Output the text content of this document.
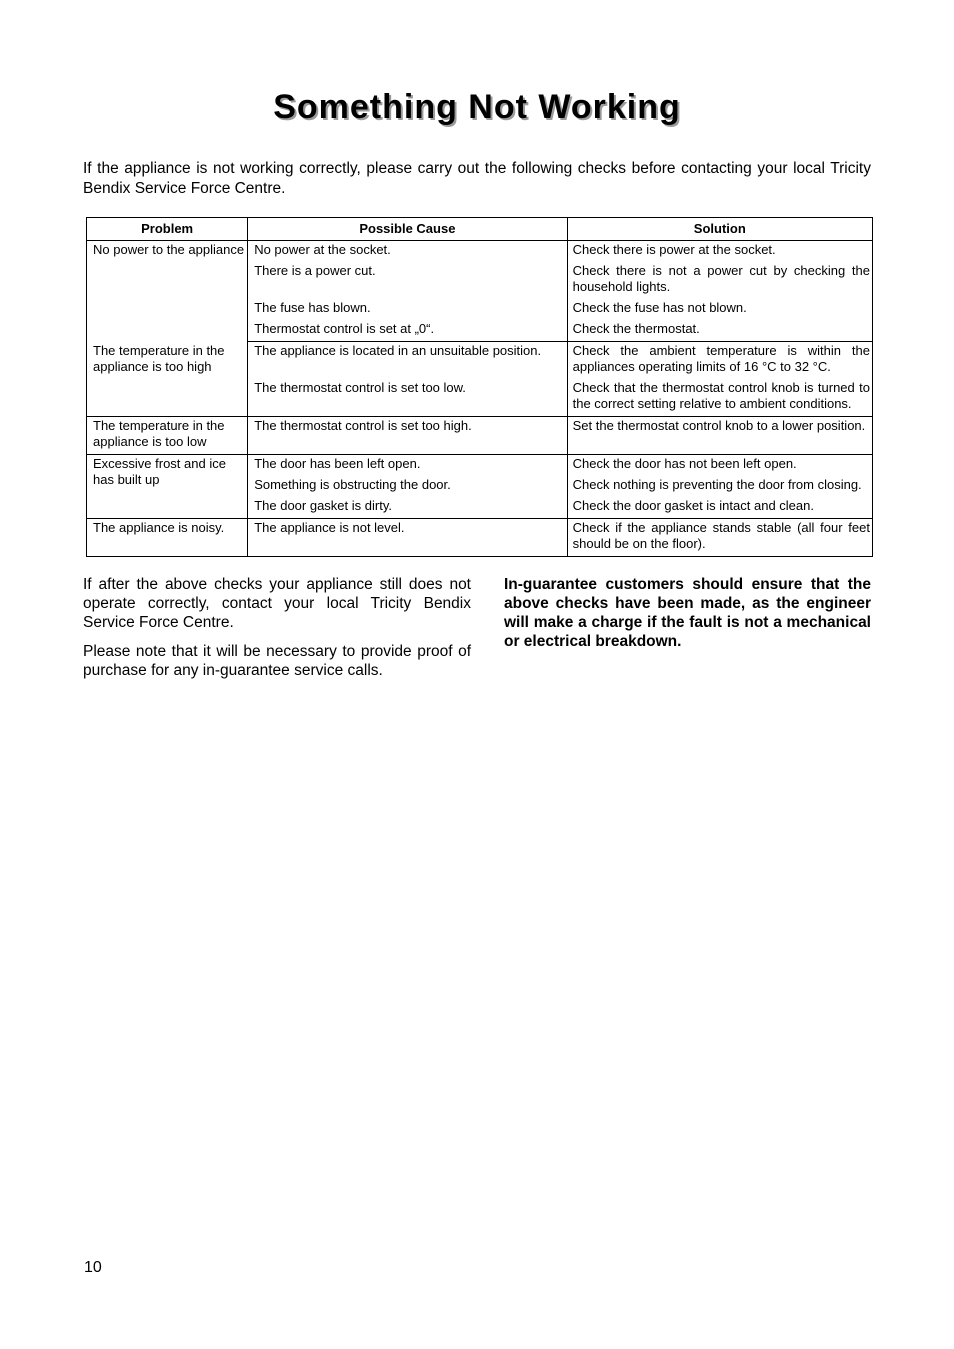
Something Not Working

If the appliance is not working correctly, please carry out the following checks before contacting your local Tricity Bendix Service Force Centre.

Problem	Possible Cause	Solution

No power to the appliance	No power at the socket.	Check there is power at the socket.

	There is a power cut.	Check there is not a power cut by checking the household lights.

	The fuse has blown.	Check the fuse has not blown.

	Thermostat control is set at „0“.	Check the thermostat.

The temperature in the appliance is too high	The appliance is located in an unsuitable position.	Check the ambient temperature is within the appliances operating limits of 16 °C to 32 °C.

	The thermostat control is set too low.	Check that the thermostat control knob is turned to the correct setting relative to ambient conditions.

The temperature in the appliance is too low	The thermostat control is set too high.	Set the thermostat control knob to a lower position.

Excessive frost and ice has built up	The door has been left open.	Check the door has not been left open.

	Something is obstructing the door.	Check nothing is preventing the door from closing.

	The door gasket is dirty.	Check the door gasket is intact and clean.

The appliance is noisy.	The appliance is not level.	Check if the appliance stands stable (all four feet should be on the floor).

If after the above checks your appliance still does not operate correctly, contact your local Tricity Bendix Service Force Centre.

Please note that it will be necessary to provide proof of purchase for any in-guarantee service calls.

In-guarantee customers should ensure that the above checks have been made, as the engineer will make a charge if the fault is not a mechanical or electrical breakdown.

10
